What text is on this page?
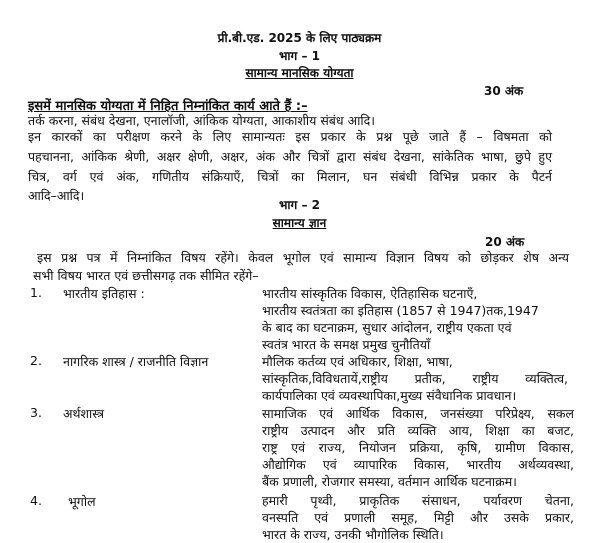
प्री.बी.एड. 2025 के लिए पाठ्यक्रम
भाग – 1
सामान्य मानसिक योग्यता
30 अंक
इसमें मानसिक योग्यता में निहित निम्नांकित कार्य आते हैं :–
तर्क करना, संबंध देखना, एनालॉजी, आंकिक योग्यता, आकाशीय संबंध आदि।
इन कारकों का परीक्षण करने के लिए सामान्यतः इस प्रकार के प्रश्न पूछे जाते हैं – विषमता को
पहचानना, आंकिक श्रेणी, अक्षर क्षेणी, अक्षर, अंक और चित्रों द्वारा संबंध देखना, सांकेतिक भाषा, छुपे हुए
चित्र, वर्ग एवं अंक, गणितीय संक्रियाएँ, चित्रों का मिलान, घन संबंधी विभिन्न प्रकार के पैटर्न
आदि–आदि।
भाग – 2
सामान्य ज्ञान
20 अंक
इस प्रश्न पत्र में निम्नांकित विषय रहेंगे। केवल भूगोल एवं सामान्य विज्ञान विषय को छोड़कर शेष अन्य
सभी विषय भारत एवं छत्तीसगढ़ तक सीमित रहेंगे–
1. भारतीय इतिहास :	भारतीय सांस्कृतिक विकास, ऐतिहासिक घटनाएँ,
भारतीय स्वतंत्रता का इतिहास (1857 से 1947)तक,1947
के बाद का घटनाक्रम, सुधार आंदोलन, राष्ट्रीय एकता एवं
स्वतंत्र भारत के समक्ष प्रमुख चुनौतियाँ
2. नागरिक शास्त्र / राजनीति विज्ञान	मौलिक कर्तव्य एवं अधिकार, शिक्षा, भाषा,
सांस्कृतिक,विविधतायें,राष्ट्रीय प्रतीक, राष्ट्रीय व्यक्तित्व,
कार्यपालिका एवं व्यवस्थापिका,मुख्य संवैधानिक प्रावधान।
3. अर्थशास्त्र	सामाजिक एवं आर्थिक विकास, जनसंख्या परिप्रेक्ष्य, सकल
राष्ट्रीय उत्पादन और प्रति व्यक्ति आय, शिक्षा का बजट,
राष्ट्र एवं राज्य, नियोजन प्रक्रिया, कृषि, ग्रामीण विकास,
औद्योगिक एवं व्यापारिक विकास, भारतीय अर्थव्यवस्था,
बैंक प्रणाली, रोजगार समस्या, वर्तमान आर्थिक घटनाक्रम।
4. भूगोल	हमारी पृथ्वी, प्राकृतिक संसाधन, पर्यावरण चेतना,
वनस्पति एवं प्रणाली समूह, मिट्टी और उसके प्रकार,
भारत के राज्य, उनकी भौगोलिक स्थिति।
